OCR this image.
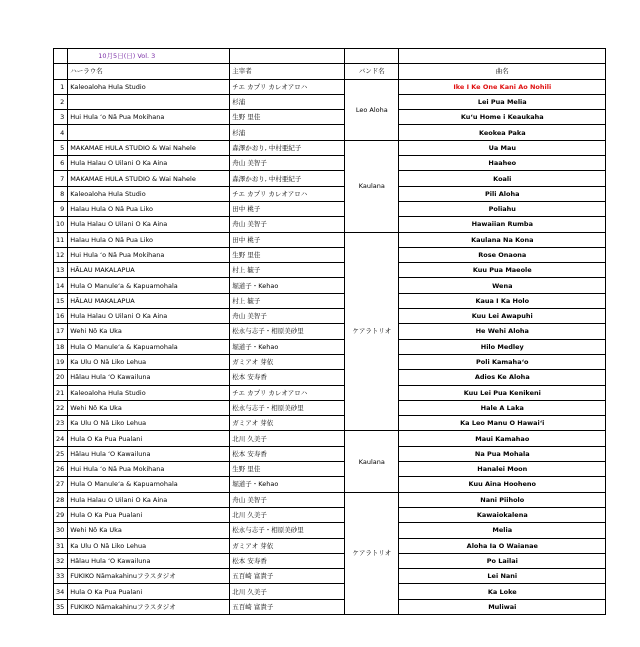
	10月5日(日) Vol. 3			
	ハーラウ名	主宰者	バンド名	曲名
1	Kaleoaloha Hula Studio	チエ カプリ カレオアロハ	Leo Aloha	Ike I Ke One Kani Ao Nohili
2		杉浦		Lei Pua Melia
3	Hui Hula ʻo Nā Pua Mokihana	生野 里佳		Kuʻu Home i Keaukaha
4		杉浦		Keokea Paka
5	MAKAMAE HULA STUDIO & Wai Nahele	森澤かおり, 中村亜紀子	Kaulana	Ua Mau
6	Hula Halau O Uilani O Ka Aina	舟山 美智子		Haaheo
7	MAKAMAE HULA STUDIO & Wai Nahele	森澤かおり, 中村亜紀子		Koali
8	Kaleoaloha Hula Studio	チエ カプリ カレオアロハ		Pili Aloha
9	Halau Hula O Nā Pua Liko	田中 桃子		Poliahu
10	Hula Halau O Uilani O Ka Aina	舟山 美智子		Hawaiian Rumba
11	Halau Hula O Nā Pua Liko	田中 桃子	ケアラトリオ	Kaulana Na Kona
12	Hui Hula ʻo Nā Pua Mokihana	生野 里佳		Rose Onaona
13	HĀLAU MAKALAPUA	村上 毓子		Kuu Pua Maeole
14	Hula O Manuleʻa & Kapuamohala	堀道子・Kehao		Wena
15	HĀLAU MAKALAPUA	村上 毓子		Kaua I Ka Holo
16	Hula Halau O Uilani O Ka Aina	舟山 美智子		Kuu Lei Awapuhi
17	Wehi Nō Ka Uka	松永与志子・相原美砂里		He Wehi Aloha
18	Hula O Manuleʻa & Kapuamohala	堀道子・Kehao		Hilo Medley
19	Ka Ulu O Nā Liko Lehua	ガミアオ 芽依		Poli Kamahaʻo
20	Hālau Hula ʻO Kawailuna	松本 安寿香		Adios Ke Aloha
21	Kaleoaloha Hula Studio	チエ カプリ カレオアロハ		Kuu Lei Pua Kenikeni
22	Wehi Nō Ka Uka	松永与志子・相原美砂里		Hale A Laka
23	Ka Ulu O Nā Liko Lehua	ガミアオ 芽依		Ka Leo Manu O Hawaiʻi
24	Hula O Ka Pua Pualani	北川 久美子	Kaulana	Maui Kamahao
25	Hālau Hula ʻO Kawailuna	松本 安寿香		Na Pua Mohala
26	Hui Hula ʻo Nā Pua Mokihana	生野 里佳		Hanalei Moon
27	Hula O Manuleʻa & Kapuamohala	堀道子・Kehao		Kuu Aina Hooheno
28	Hula Halau O Uilani O Ka Aina	舟山 美智子	ケアラトリオ	Nani Piiholo
29	Hula O Ka Pua Pualani	北川 久美子		Kawaiokalena
30	Wehi Nō Ka Uka	松永与志子・相原美砂里		Melia
31	Ka Ulu O Nā Liko Lehua	ガミアオ 芽依		Aloha Ia O Waianae
32	Hālau Hula ʻO Kawailuna	松本 安寿香		Po Lailai
33	FUKIKO Nāmakahinuフラスタジオ	五百崎 富貴子		Lei Nani
34	Hula O Ka Pua Pualani	北川 久美子		Ka Loke
35	FUKIKO Nāmakahinuフラスタジオ	五百崎 富貴子		Muliwai
